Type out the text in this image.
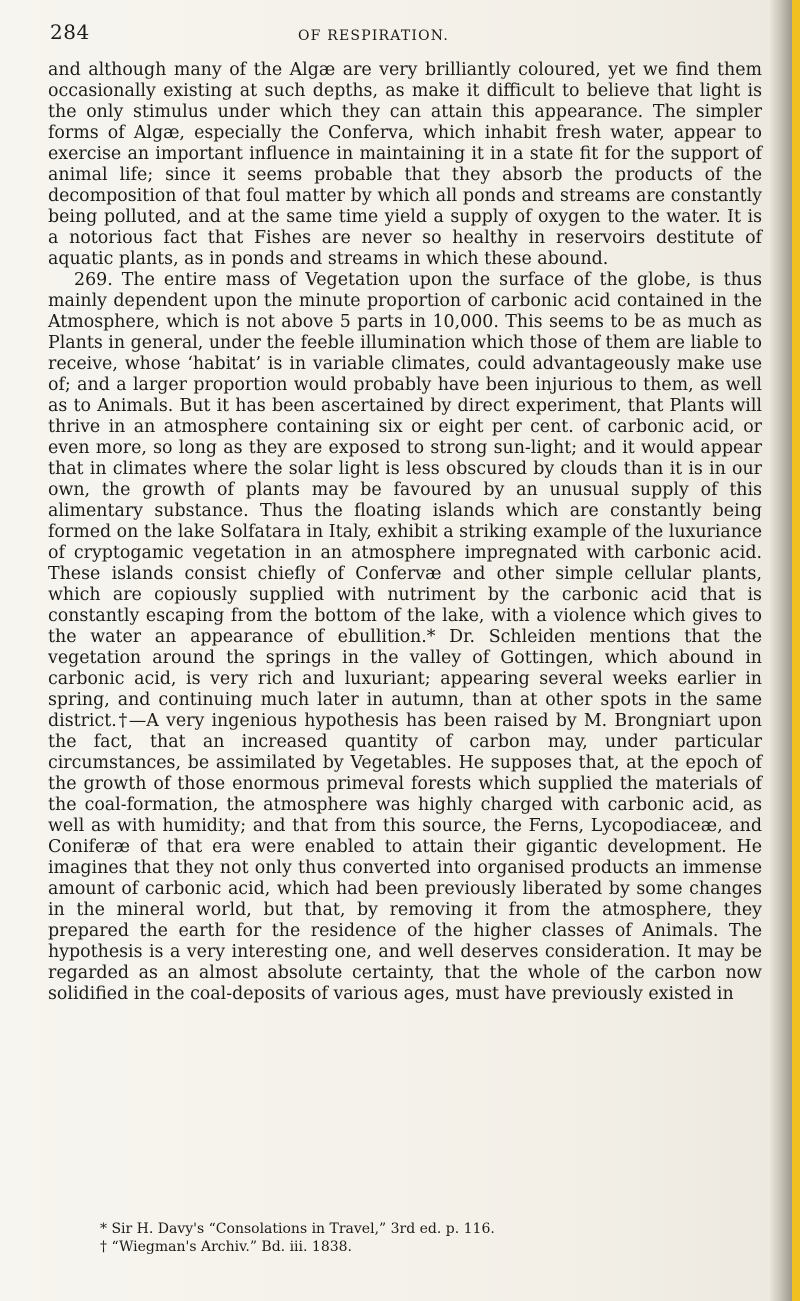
284	OF RESPIRATION.

and although many of the Algæ are very brilliantly coloured, yet we find them occasionally existing at such depths, as make it difficult to believe that light is the only stimulus under which they can attain this appearance. The simpler forms of Algæ, especially the Conferva, which inhabit fresh water, appear to exercise an important influence in maintaining it in a state fit for the support of animal life; since it seems probable that they absorb the products of the decomposition of that foul matter by which all ponds and streams are constantly being polluted, and at the same time yield a supply of oxygen to the water. It is a notorious fact that Fishes are never so healthy in reservoirs destitute of aquatic plants, as in ponds and streams in which these abound.

269. The entire mass of Vegetation upon the surface of the globe, is thus mainly dependent upon the minute proportion of carbonic acid contained in the Atmosphere, which is not above 5 parts in 10,000. This seems to be as much as Plants in general, under the feeble illumination which those of them are liable to receive, whose ‘habitat’ is in variable climates, could advantageously make use of; and a larger proportion would probably have been injurious to them, as well as to Animals. But it has been ascertained by direct experiment, that Plants will thrive in an atmosphere containing six or eight per cent. of carbonic acid, or even more, so long as they are exposed to strong sun-light; and it would appear that in climates where the solar light is less obscured by clouds than it is in our own, the growth of plants may be favoured by an unusual supply of this alimentary substance. Thus the floating islands which are constantly being formed on the lake Solfatara in Italy, exhibit a striking example of the luxuriance of cryptogamic vegetation in an atmosphere impregnated with carbonic acid. These islands consist chiefly of Confervæ and other simple cellular plants, which are copiously supplied with nutriment by the carbonic acid that is constantly escaping from the bottom of the lake, with a violence which gives to the water an appearance of ebullition.* Dr. Schleiden mentions that the vegetation around the springs in the valley of Gottingen, which abound in carbonic acid, is very rich and luxuriant; appearing several weeks earlier in spring, and continuing much later in autumn, than at other spots in the same district.†—A very ingenious hypothesis has been raised by M. Brongniart upon the fact, that an increased quantity of carbon may, under particular circumstances, be assimilated by Vegetables. He supposes that, at the epoch of the growth of those enormous primeval forests which supplied the materials of the coal-formation, the atmosphere was highly charged with carbonic acid, as well as with humidity; and that from this source, the Ferns, Lycopodiaceæ, and Coniferæ of that era were enabled to attain their gigantic development. He imagines that they not only thus converted into organised products an immense amount of carbonic acid, which had been previously liberated by some changes in the mineral world, but that, by removing it from the atmosphere, they prepared the earth for the residence of the higher classes of Animals. The hypothesis is a very interesting one, and well deserves consideration. It may be regarded as an almost absolute certainty, that the whole of the carbon now solidified in the coal-deposits of various ages, must have previously existed in

* Sir H. Davy's “Consolations in Travel,” 3rd ed. p. 116.

† “Wiegman's Archiv.” Bd. iii. 1838.
